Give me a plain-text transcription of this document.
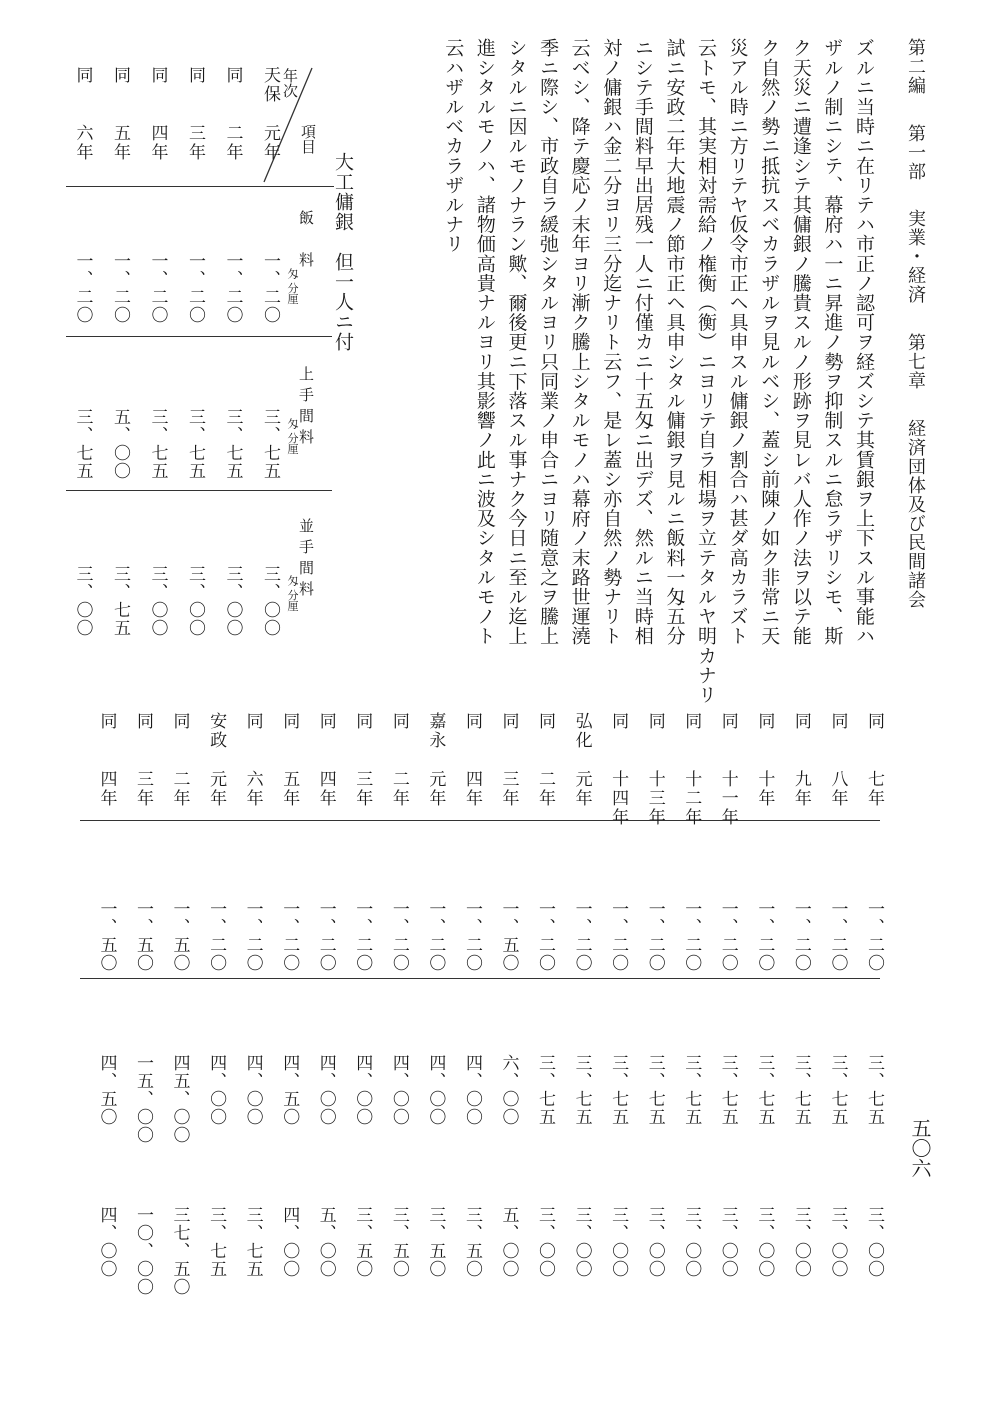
第二編 第一部 実業・経済 第七章 経済団体及び民間諸会
五〇六
ズルニ当時ニ在リテハ市正ノ認可ヲ経ズシテ其賃銀ヲ上下スル事能ハ
ザルノ制ニシテ、幕府ハ一ニ昇進ノ勢ヲ抑制スルニ怠ラザリシモ、斯
ク天災ニ遭逢シテ其傭銀ノ騰貴スルノ形跡ヲ見レバ人作ノ法ヲ以テ能
ク自然ノ勢ニ抵抗スベカラザルヲ見ルベシ、蓋シ前陳ノ如ク非常ニ天
災アル時ニ方リテヤ仮令市正ヘ具申スル傭銀ノ割合ハ甚ダ高カラズト
云トモ、其実相対需給ノ権衡（衡）ニヨリテ自ラ相場ヲ立テタルヤ明カナリ
試ニ安政二年大地震ノ節市正ヘ具申シタル傭銀ヲ見ルニ飯料一匁五分
ニシテ手間料早出居残一人ニ付僅カニ十五匁ニ出デズ、然ルニ当時相
対ノ傭銀ハ金二分ヨリ三分迄ナリト云フ、是レ蓋シ亦自然ノ勢ナリト
云ベシ、降テ慶応ノ末年ヨリ漸ク騰上シタルモノハ幕府ノ末路世運澆
季ニ際シ、市政自ラ緩弛シタルヨリ只同業ノ申合ニヨリ随意之ヲ騰上
シタルニ因ルモノナラン歟、爾後更ニ下落スル事ナク今日ニ至ル迄上
進シタルモノハ、諸物価高貴ナルヨリ其影響ノ此ニ波及シタルモノト
云ハザルベカラザルナリ
大工傭銀　但一人ニ付
年次
項目
飯　料
上手間料
並手間料
匁 分厘
匁 分厘
匁 分厘
天保
元年
一、二〇
三、七五
三、〇〇
同
二年
一、二〇
三、七五
三、〇〇
同
三年
一、二〇
三、七五
三、〇〇
同
四年
一、二〇
三、七五
三、〇〇
同
五年
一、二〇
五、〇〇
三、七五
同
六年
一、二〇
三、七五
三、〇〇
同
七年
一、二〇
三、七五
三、〇〇
同
八年
一、二〇
三、七五
三、〇〇
同
九年
一、二〇
三、七五
三、〇〇
同
十年
一、二〇
三、七五
三、〇〇
同
十一年
一、二〇
三、七五
三、〇〇
同
十二年
一、二〇
三、七五
三、〇〇
同
十三年
一、二〇
三、七五
三、〇〇
同
十四年
一、二〇
三、七五
三、〇〇
弘化
元年
一、二〇
三、七五
三、〇〇
同
二年
一、二〇
三、七五
三、〇〇
同
三年
一、五〇
六、〇〇
五、〇〇
同
四年
一、二〇
四、〇〇
三、五〇
嘉永
元年
一、二〇
四、〇〇
三、五〇
同
二年
一、二〇
四、〇〇
三、五〇
同
三年
一、二〇
四、〇〇
三、五〇
同
四年
一、二〇
四、〇〇
五、〇〇
同
五年
一、二〇
四、五〇
四、〇〇
同
六年
一、二〇
四、〇〇
三、七五
安政
元年
一、二〇
四、〇〇
三、七五
同
二年
一、五〇
四五、〇〇
三七、五〇
同
三年
一、五〇
一五、〇〇
一〇、〇〇
同
四年
一、五〇
四、五〇
四、〇〇
